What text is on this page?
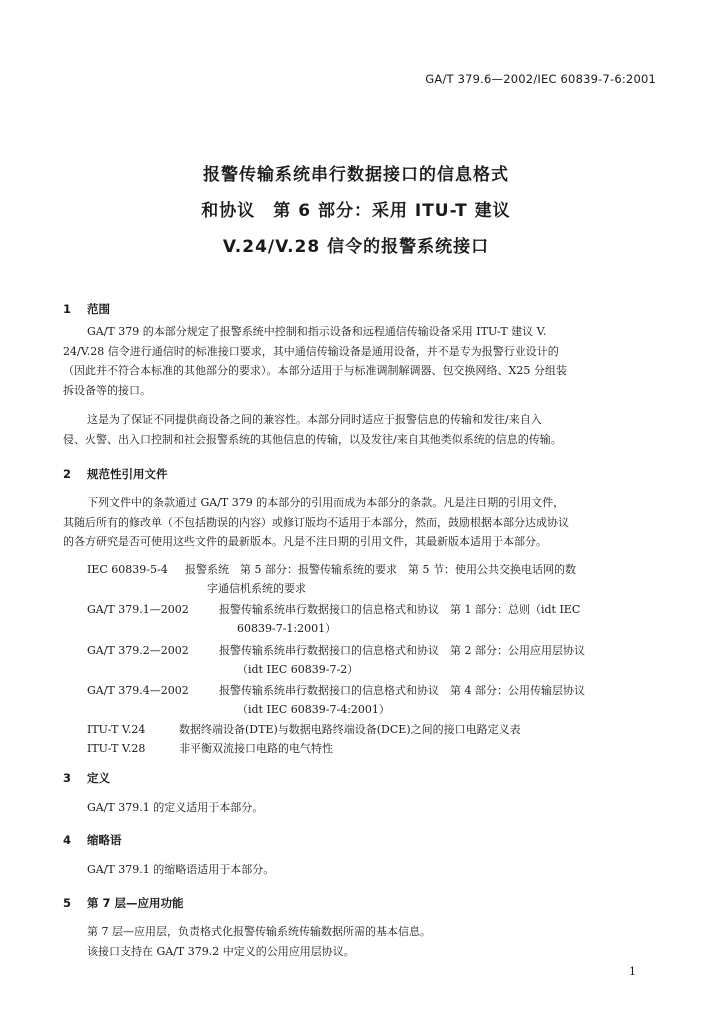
GA/T 379.6—2002/IEC 60839-7-6:2001
报警传输系统串行数据接口的信息格式
和协议　第 6 部分：采用 ITU-T 建议
V.24/V.28 信令的报警系统接口
1 范围
GA/T 379 的本部分规定了报警系统中控制和指示设备和远程通信传输设备采用 ITU-T 建议 V.
24/V.28 信令进行通信时的标准接口要求，其中通信传输设备是通用设备，并不是专为报警行业设计的
（因此并不符合本标准的其他部分的要求）。本部分适用于与标准调制解调器、包交换网络、X25 分组装
拆设备等的接口。
这是为了保证不同提供商设备之间的兼容性。本部分同时适应于报警信息的传输和发往/来自入
侵、火警、出入口控制和社会报警系统的其他信息的传输，以及发往/来自其他类似系统的信息的传输。
2 规范性引用文件
下列文件中的条款通过 GA/T 379 的本部分的引用而成为本部分的条款。凡是注日期的引用文件，
其随后所有的修改单（不包括勘误的内容）或修订版均不适用于本部分，然而，鼓励根据本部分达成协议
的各方研究是否可使用这些文件的最新版本。凡是不注日期的引用文件，其最新版本适用于本部分。
IEC 60839-5-4 报警系统　第 5 部分：报警传输系统的要求　第 5 节：使用公共交换电话网的数
字通信机系统的要求
GA/T 379.1—2002	报警传输系统串行数据接口的信息格式和协议　第 1 部分：总则（idt IEC
60839-7-1:2001）
GA/T 379.2—2002	报警传输系统串行数据接口的信息格式和协议　第 2 部分：公用应用层协议
（idt IEC 60839-7-2）
GA/T 379.4—2002	报警传输系统串行数据接口的信息格式和协议　第 4 部分：公用传输层协议
（idt IEC 60839-7-4:2001）
ITU-T V.24	数据终端设备(DTE)与数据电路终端设备(DCE)之间的接口电路定义表
ITU-T V.28	非平衡双流接口电路的电气特性
3 定义
GA/T 379.1 的定义适用于本部分。
4 缩略语
GA/T 379.1 的缩略语适用于本部分。
5 第 7 层—应用功能
第 7 层—应用层，负责格式化报警传输系统传输数据所需的基本信息。
该接口支持在 GA/T 379.2 中定义的公用应用层协议。
1
